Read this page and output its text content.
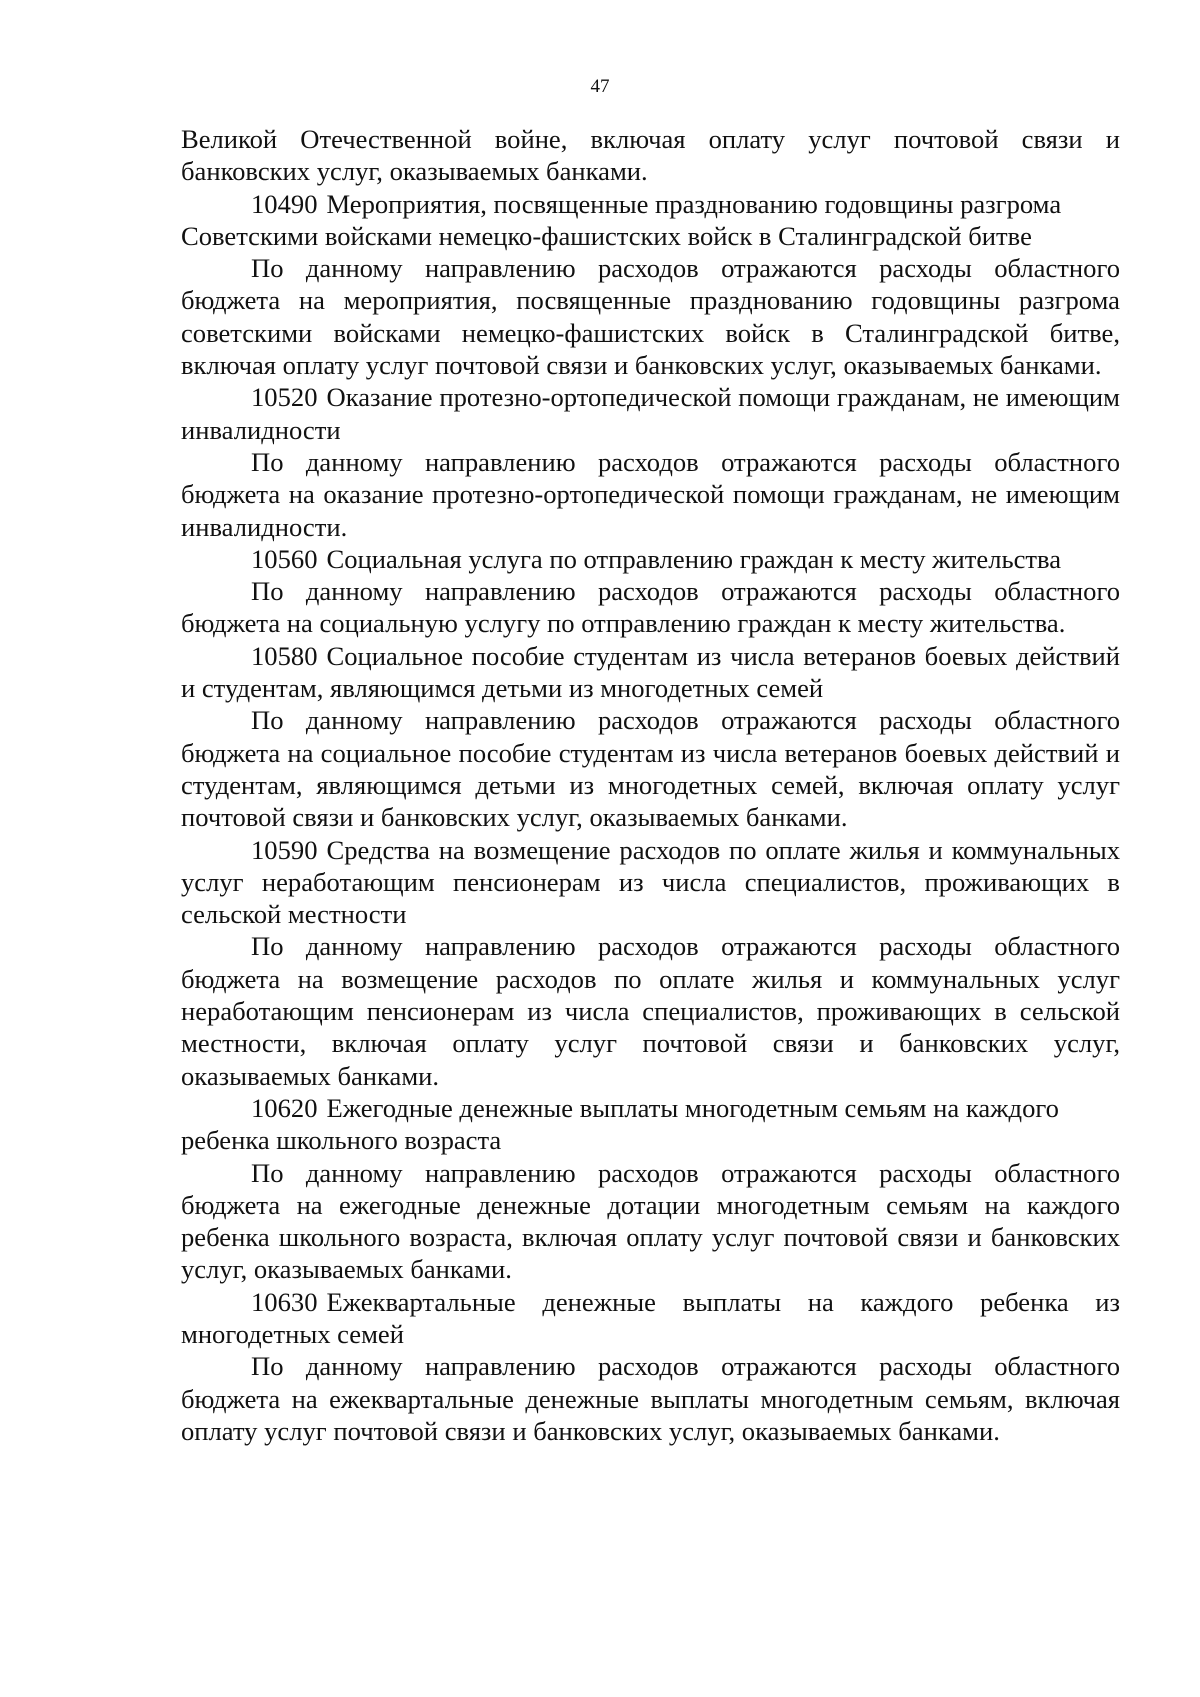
47

Великой Отечественной войне, включая оплату услуг почтовой связи и банковских услуг, оказываемых банками.

10490 Мероприятия, посвященные празднованию годовщины разгрома Советскими войсками немецко-фашистских войск в Сталинградской битве

По данному направлению расходов отражаются расходы областного бюджета на мероприятия, посвященные празднованию годовщины разгрома советскими войсками немецко-фашистских войск в Сталинградской битве, включая оплату услуг почтовой связи и банковских услуг, оказываемых банками.

10520 Оказание протезно-ортопедической помощи гражданам, не имеющим инвалидности

По данному направлению расходов отражаются расходы областного бюджета на оказание протезно-ортопедической помощи гражданам, не имеющим инвалидности.

10560 Социальная услуга по отправлению граждан к месту жительства

По данному направлению расходов отражаются расходы областного бюджета на социальную услугу по отправлению граждан к месту жительства.

10580 Социальное пособие студентам из числа ветеранов боевых действий и студентам, являющимся детьми из многодетных семей

По данному направлению расходов отражаются расходы областного бюджета на социальное пособие студентам из числа ветеранов боевых действий и студентам, являющимся детьми из многодетных семей, включая оплату услуг почтовой связи и банковских услуг, оказываемых банками.

10590 Средства на возмещение расходов по оплате жилья и коммунальных услуг неработающим пенсионерам из числа специалистов, проживающих в сельской местности

По данному направлению расходов отражаются расходы областного бюджета на возмещение расходов по оплате жилья и коммунальных услуг неработающим пенсионерам из числа специалистов, проживающих в сельской местности, включая оплату услуг почтовой связи и банковских услуг, оказываемых банками.

10620 Ежегодные денежные выплаты многодетным семьям на каждого ребенка школьного возраста

По данному направлению расходов отражаются расходы областного бюджета на ежегодные денежные дотации многодетным семьям на каждого ребенка школьного возраста, включая оплату услуг почтовой связи и банковских услуг, оказываемых банками.

10630 Ежеквартальные денежные выплаты на каждого ребенка из многодетных семей

По данному направлению расходов отражаются расходы областного бюджета на ежеквартальные денежные выплаты многодетным семьям, включая оплату услуг почтовой связи и банковских услуг, оказываемых банками.
